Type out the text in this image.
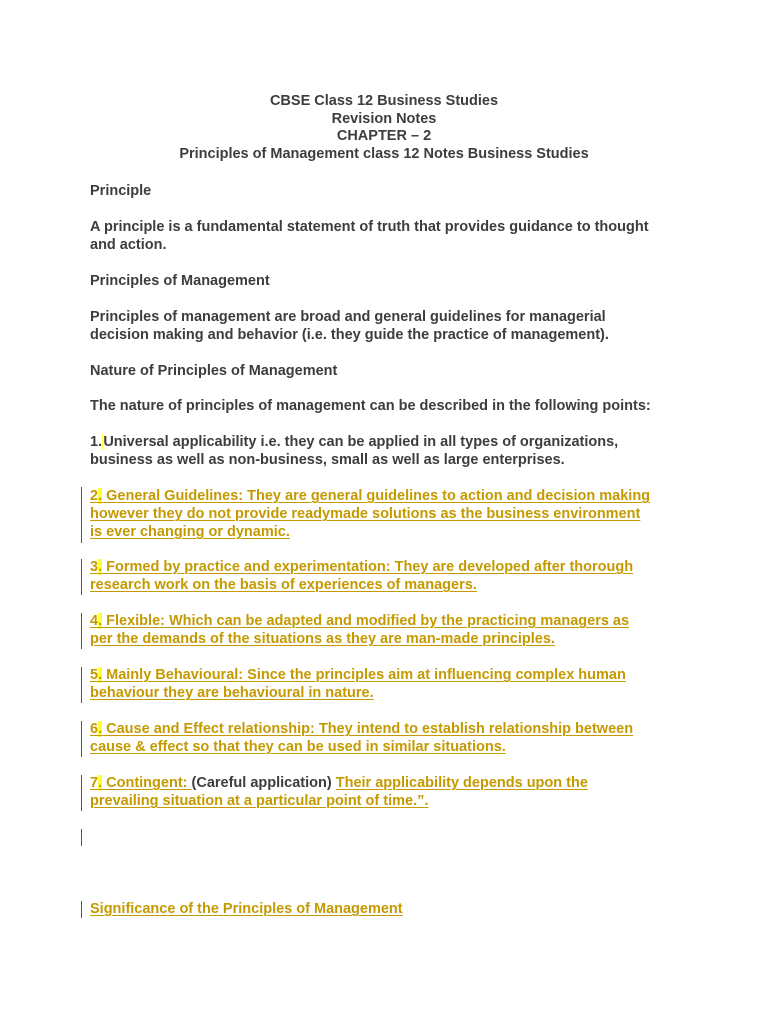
CBSE Class 12 Business Studies
Revision Notes
CHAPTER – 2
Principles of Management class 12 Notes Business Studies
Principle
A principle is a fundamental statement of truth that provides guidance to thought
and action.
Principles of Management
Principles of management are broad and general guidelines for managerial
decision making and behavior (i.e. they guide the practice of management).
Nature of Principles of Management
The nature of principles of management can be described in the following points:
1. Universal applicability i.e. they can be applied in all types of organizations,
business as well as non-business, small as well as large enterprises.
2. General Guidelines: They are general guidelines to action and decision making
however they do not provide readymade solutions as the business environment
is ever changing or dynamic.
3. Formed by practice and experimentation: They are developed after thorough
research work on the basis of experiences of managers.
4. Flexible: Which can be adapted and modified by the practicing managers as
per the demands of the situations as they are man-made principles.
5. Mainly Behavioural: Since the principles aim at influencing complex human
behaviour they are behavioural in nature.
6. Cause and Effect relationship: They intend to establish relationship between
cause & effect so that they can be used in similar situations.
7. Contingent: (Careful application) Their applicability depends upon the
prevailing situation at a particular point of time.”.
Significance of the Principles of Management
